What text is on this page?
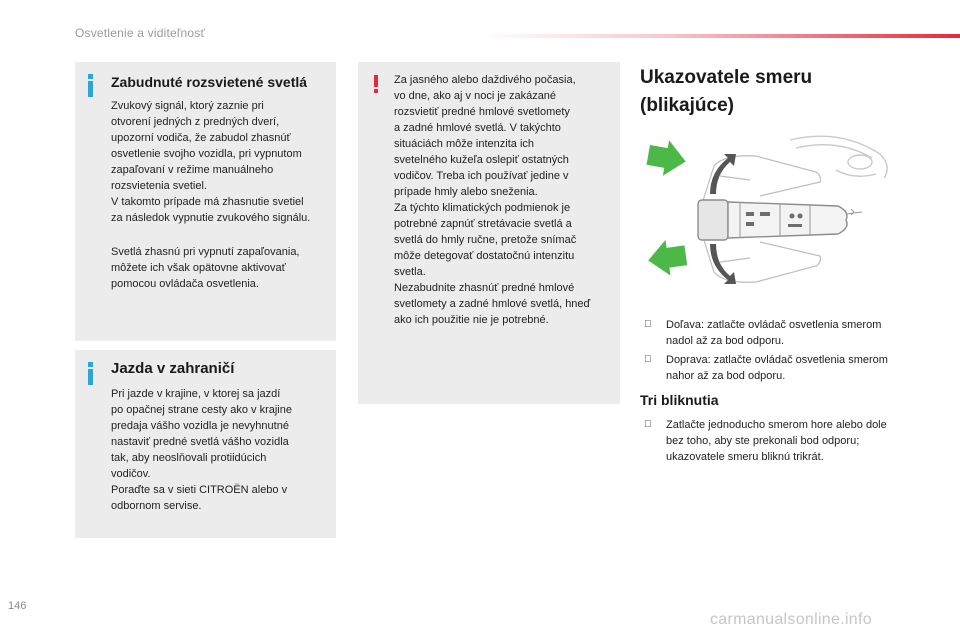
Osvetlenie a viditeľnosť
Zabudnuté rozsvietené svetlá
Zvukový signál, ktorý zaznie pri
otvorení jedných z predných dverí,
upozorní vodiča, že zabudol zhasnúť
osvetlenie svojho vozidla, pri vypnutom
zapaľovaní v režime manuálneho
rozsvietenia svetiel.
V takomto prípade má zhasnutie svetiel
za následok vypnutie zvukového signálu.
Svetlá zhasnú pri vypnutí zapaľovania,
môžete ich však opätovne aktivovať
pomocou ovládača osvetlenia.
Jazda v zahraničí
Pri jazde v krajine, v ktorej sa jazdí
po opačnej strane cesty ako v krajine
predaja vášho vozidla je nevyhnutné
nastaviť predné svetlá vášho vozidla
tak, aby neoslňovali protiidúcich
vodičov.
Poraďte sa v sieti CITROËN alebo v
odbornom servise.
Za jasného alebo daždivého počasia,
vo dne, ako aj v noci je zakázané
rozsvietiť predné hmlové svetlomety
a zadné hmlové svetlá. V takýchto
situáciách môže intenzita ich
svetelného kužeľa oslepiť ostatných
vodičov. Treba ich používať jedine v
prípade hmly alebo sneženia.
Za týchto klimatických podmienok je
potrebné zapnúť stretávacie svetlá a
svetlá do hmly ručne, pretože snímač
môže detegovať dostatočnú intenzitu
svetla.
Nezabudnite zhasnúť predné hmlové
svetlomety a zadné hmlové svetlá, hneď
ako ich použitie nie je potrebné.
Ukazovatele smeru
(blikajúce)
Doľava: zatlačte ovládač osvetlenia smerom nadol až za bod odporu.
Doprava: zatlačte ovládač osvetlenia smerom nahor až za bod odporu.
Tri bliknutia
Zatlačte jednoducho smerom hore alebo dole bez toho, aby ste prekonali bod odporu; ukazovatele smeru bliknú trikrát.
146
carmanualsonline.info
